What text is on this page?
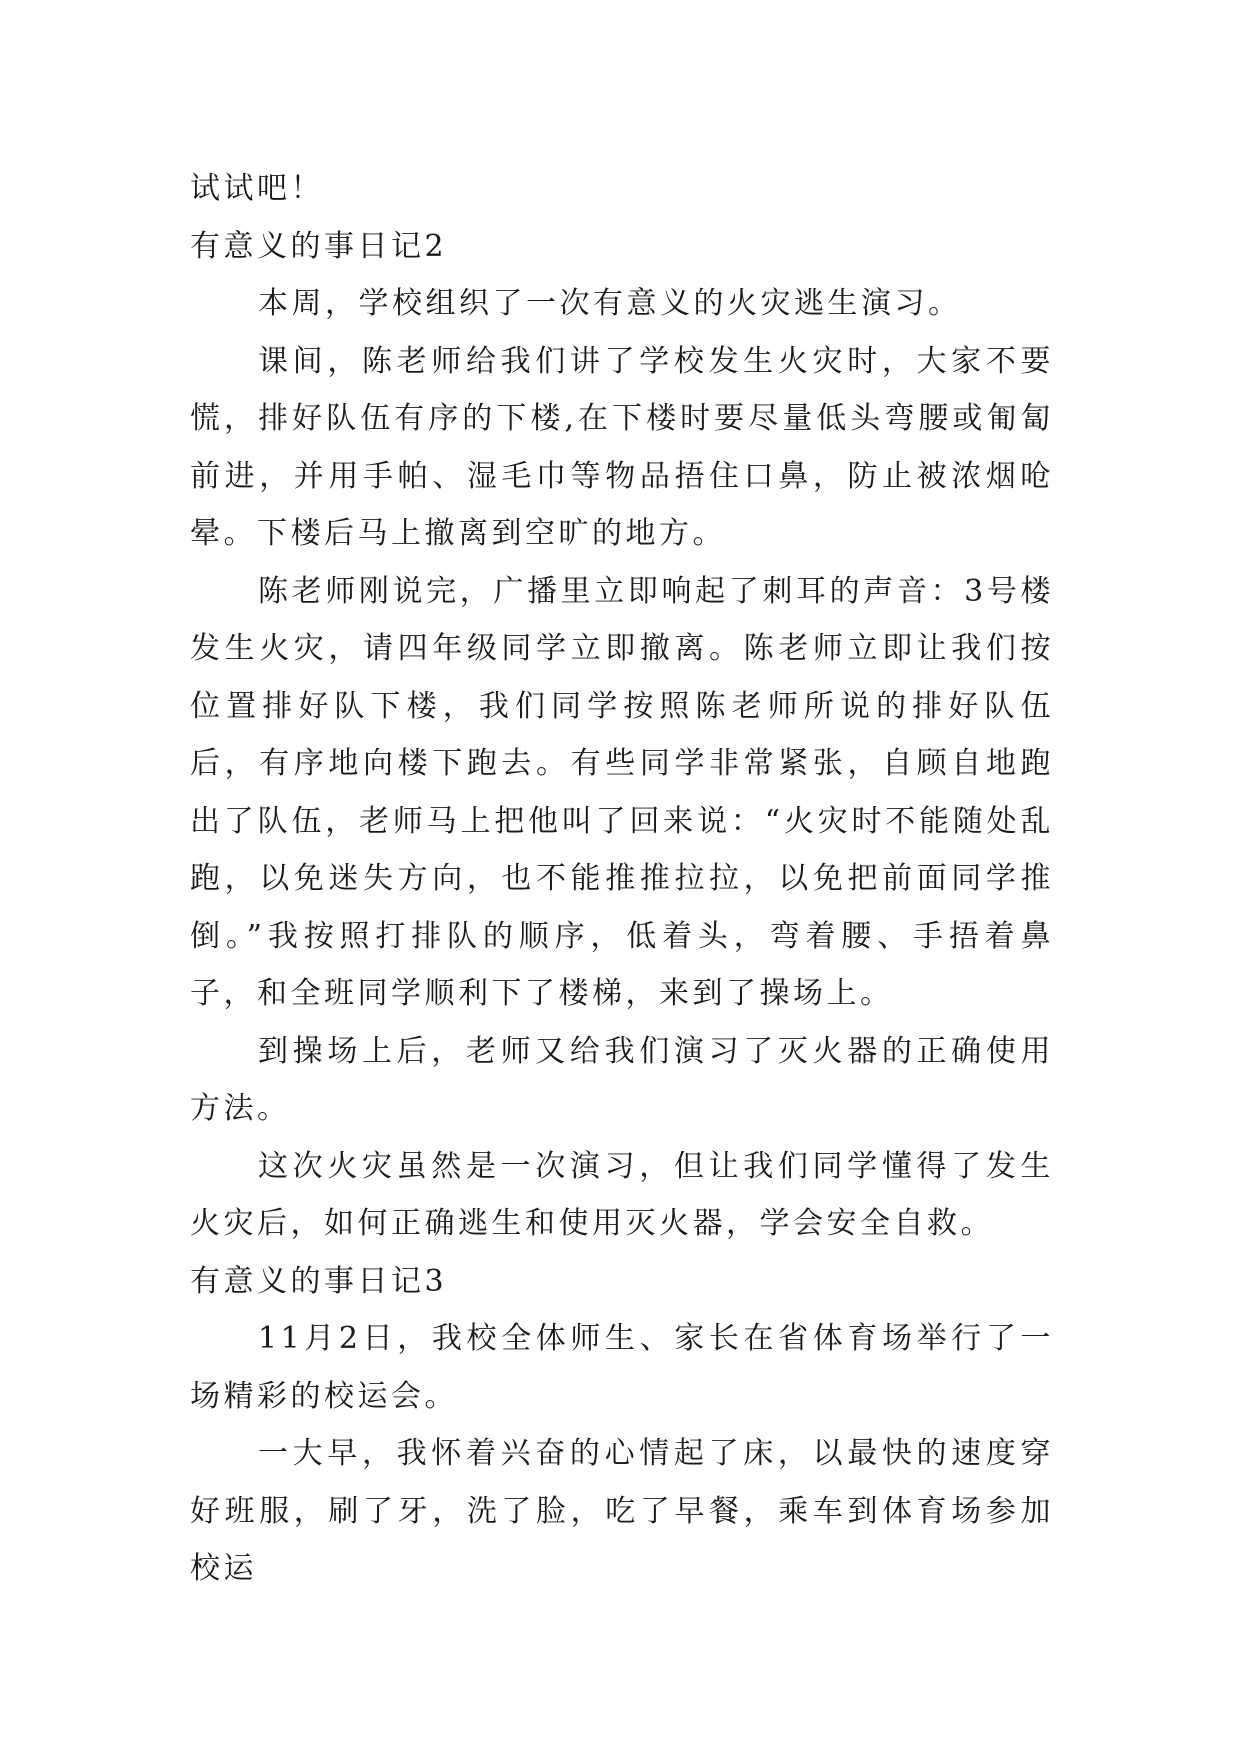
试试吧！

有意义的事日记2

本周，学校组织了一次有意义的火灾逃生演习。

课间，陈老师给我们讲了学校发生火灾时，大家不要慌，排好队伍有序的下楼,在下楼时要尽量低头弯腰或匍匐前进，并用手帕、湿毛巾等物品捂住口鼻，防止被浓烟呛晕。下楼后马上撤离到空旷的地方。

陈老师刚说完，广播里立即响起了刺耳的声音：3号楼发生火灾，请四年级同学立即撤离。陈老师立即让我们按位置排好队下楼，我们同学按照陈老师所说的排好队伍后，有序地向楼下跑去。有些同学非常紧张，自顾自地跑出了队伍，老师马上把他叫了回来说：“火灾时不能随处乱跑，以免迷失方向，也不能推推拉拉，以免把前面同学推倒。”我按照打排队的顺序，低着头，弯着腰、手捂着鼻子，和全班同学顺利下了楼梯，来到了操场上。

到操场上后，老师又给我们演习了灭火器的正确使用方法。

这次火灾虽然是一次演习，但让我们同学懂得了发生火灾后，如何正确逃生和使用灭火器，学会安全自救。

有意义的事日记3

11月2日，我校全体师生、家长在省体育场举行了一场精彩的校运会。

一大早，我怀着兴奋的心情起了床，以最快的速度穿好班服，刷了牙，洗了脸，吃了早餐，乘车到体育场参加校运
